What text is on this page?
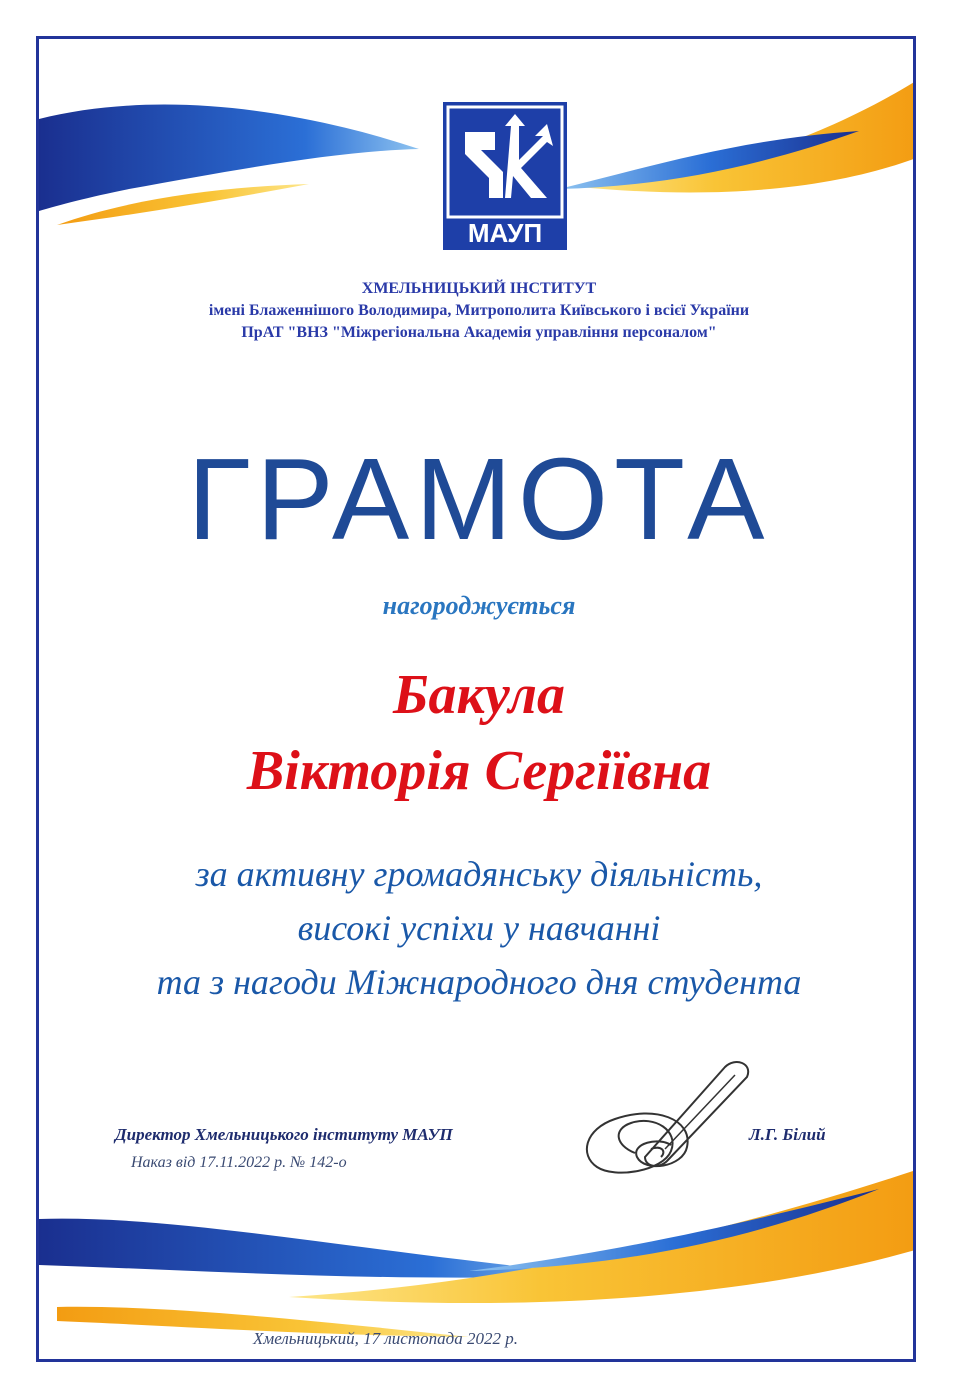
МАУП
ХМЕЛЬНИЦЬКИЙ ІНСТИТУТ
імені Блаженнішого Володимира, Митрополита Київського і всієї України
ПрАТ "ВНЗ "Міжрегіональна Академія управління персоналом"
ГРАМОТА
нагороджується
Бакула
Вікторія Сергіївна
за активну громадянську діяльність,
високі успіхи у навчанні
та з нагоди Міжнародного дня студента
Директор Хмельницького інституту МАУП
Наказ від 17.11.2022 р. № 142-о
Л.Г. Білий
Хмельницький, 17 листопада 2022 р.
